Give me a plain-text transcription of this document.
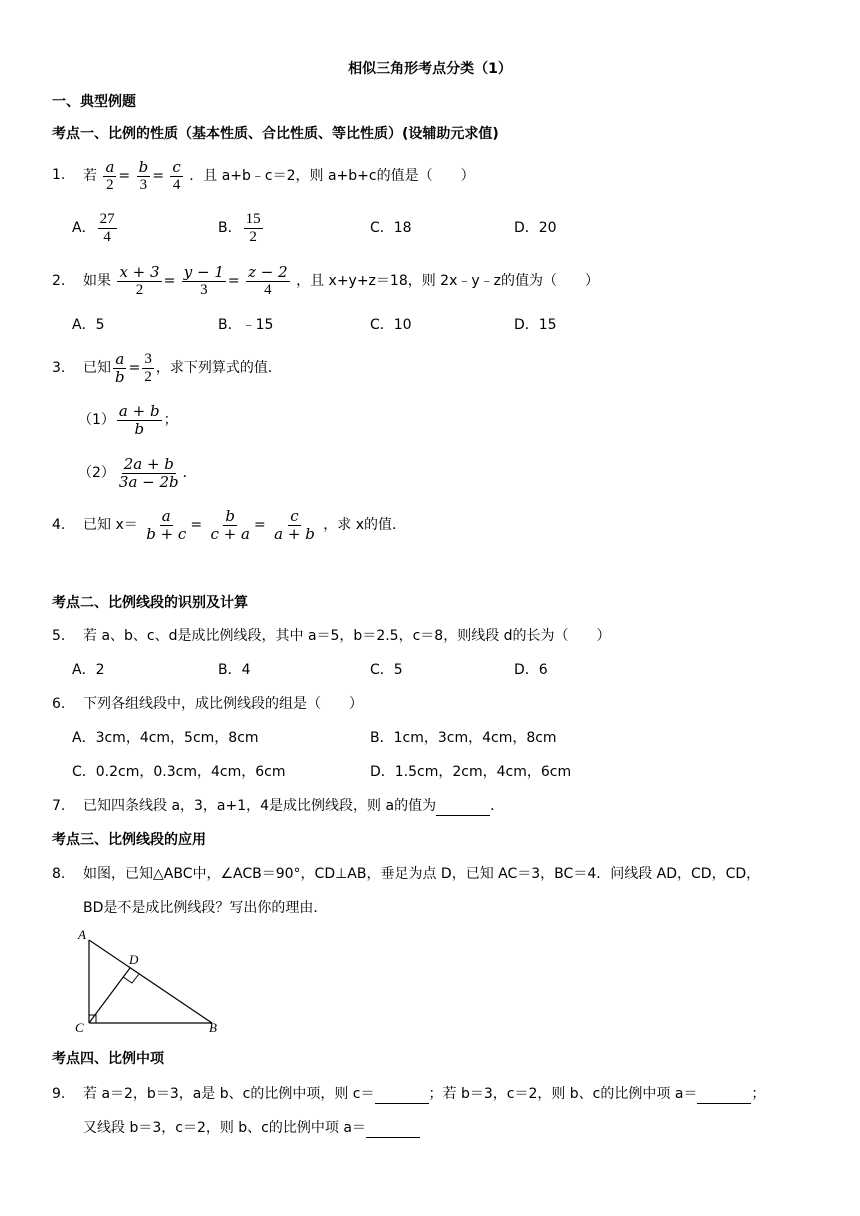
相似三角形考点分类（1）
一、典型例题
考点一、比例的性质（基本性质、合比性质、等比性质）(设辅助元求值)
1. 若 $\frac{a}{2} = \frac{b}{3} = \frac{c}{4}$ ．且 a+b﹣c＝2，则 a+b+c的值是（　　）
A． $\frac{27}{4}$	B． $\frac{15}{2}$	C．18	D．20
2. 如果 $\frac{x + 3}{2} = \frac{y - 1}{3} = \frac{z - 2}{4}$ ，且 x+y+z＝18，则 2x﹣y﹣z的值为（　　）
A．5	B．﹣15	C．10	D．15
3. 已知 $\frac{a}{b} = \frac{3}{2}$ ，求下列算式的值．
$(1) \frac{a + b}{b}$ ；
$(2) \frac{2a + b}{3a - 2b}$ ．
4. 已知 $x= \frac{a}{b + c} = \frac{b}{c + a} = \frac{c}{a + b}$ ，求 x的值．
考点二、比例线段的识别及计算
5. 若 a、b、c、d是成比例线段，其中 a＝5，b＝2.5，c＝8，则线段 d的长为（　　）
A．2	B．4	C．5	D．6
6. 下列各组线段中，成比例线段的组是（　　）
A．3cm，4cm，5cm，8cm	B．1cm，3cm，4cm，8cm
C．0.2cm，0.3cm，4cm，6cm	D．1.5cm，2cm，4cm，6cm
7. 已知四条线段 a，3，a+1，4是成比例线段，则 a的值为	．
考点三、比例线段的应用
8. 如图，已知△ABC中，∠ACB＝90°，CD⊥AB，垂足为点 D，已知 AC＝3，BC＝4．问线段 AD，CD，CD，
BD是不是成比例线段？写出你的理由．
A
D
C	B
考点四、比例中项
9. 若 a＝2，b＝3，a是 b、c的比例中项，则 c＝	；若 b＝3，c＝2，则 b、c的比例中项 a＝	；
又线段 b＝3，c＝2，则 b、c的比例中项 a＝
